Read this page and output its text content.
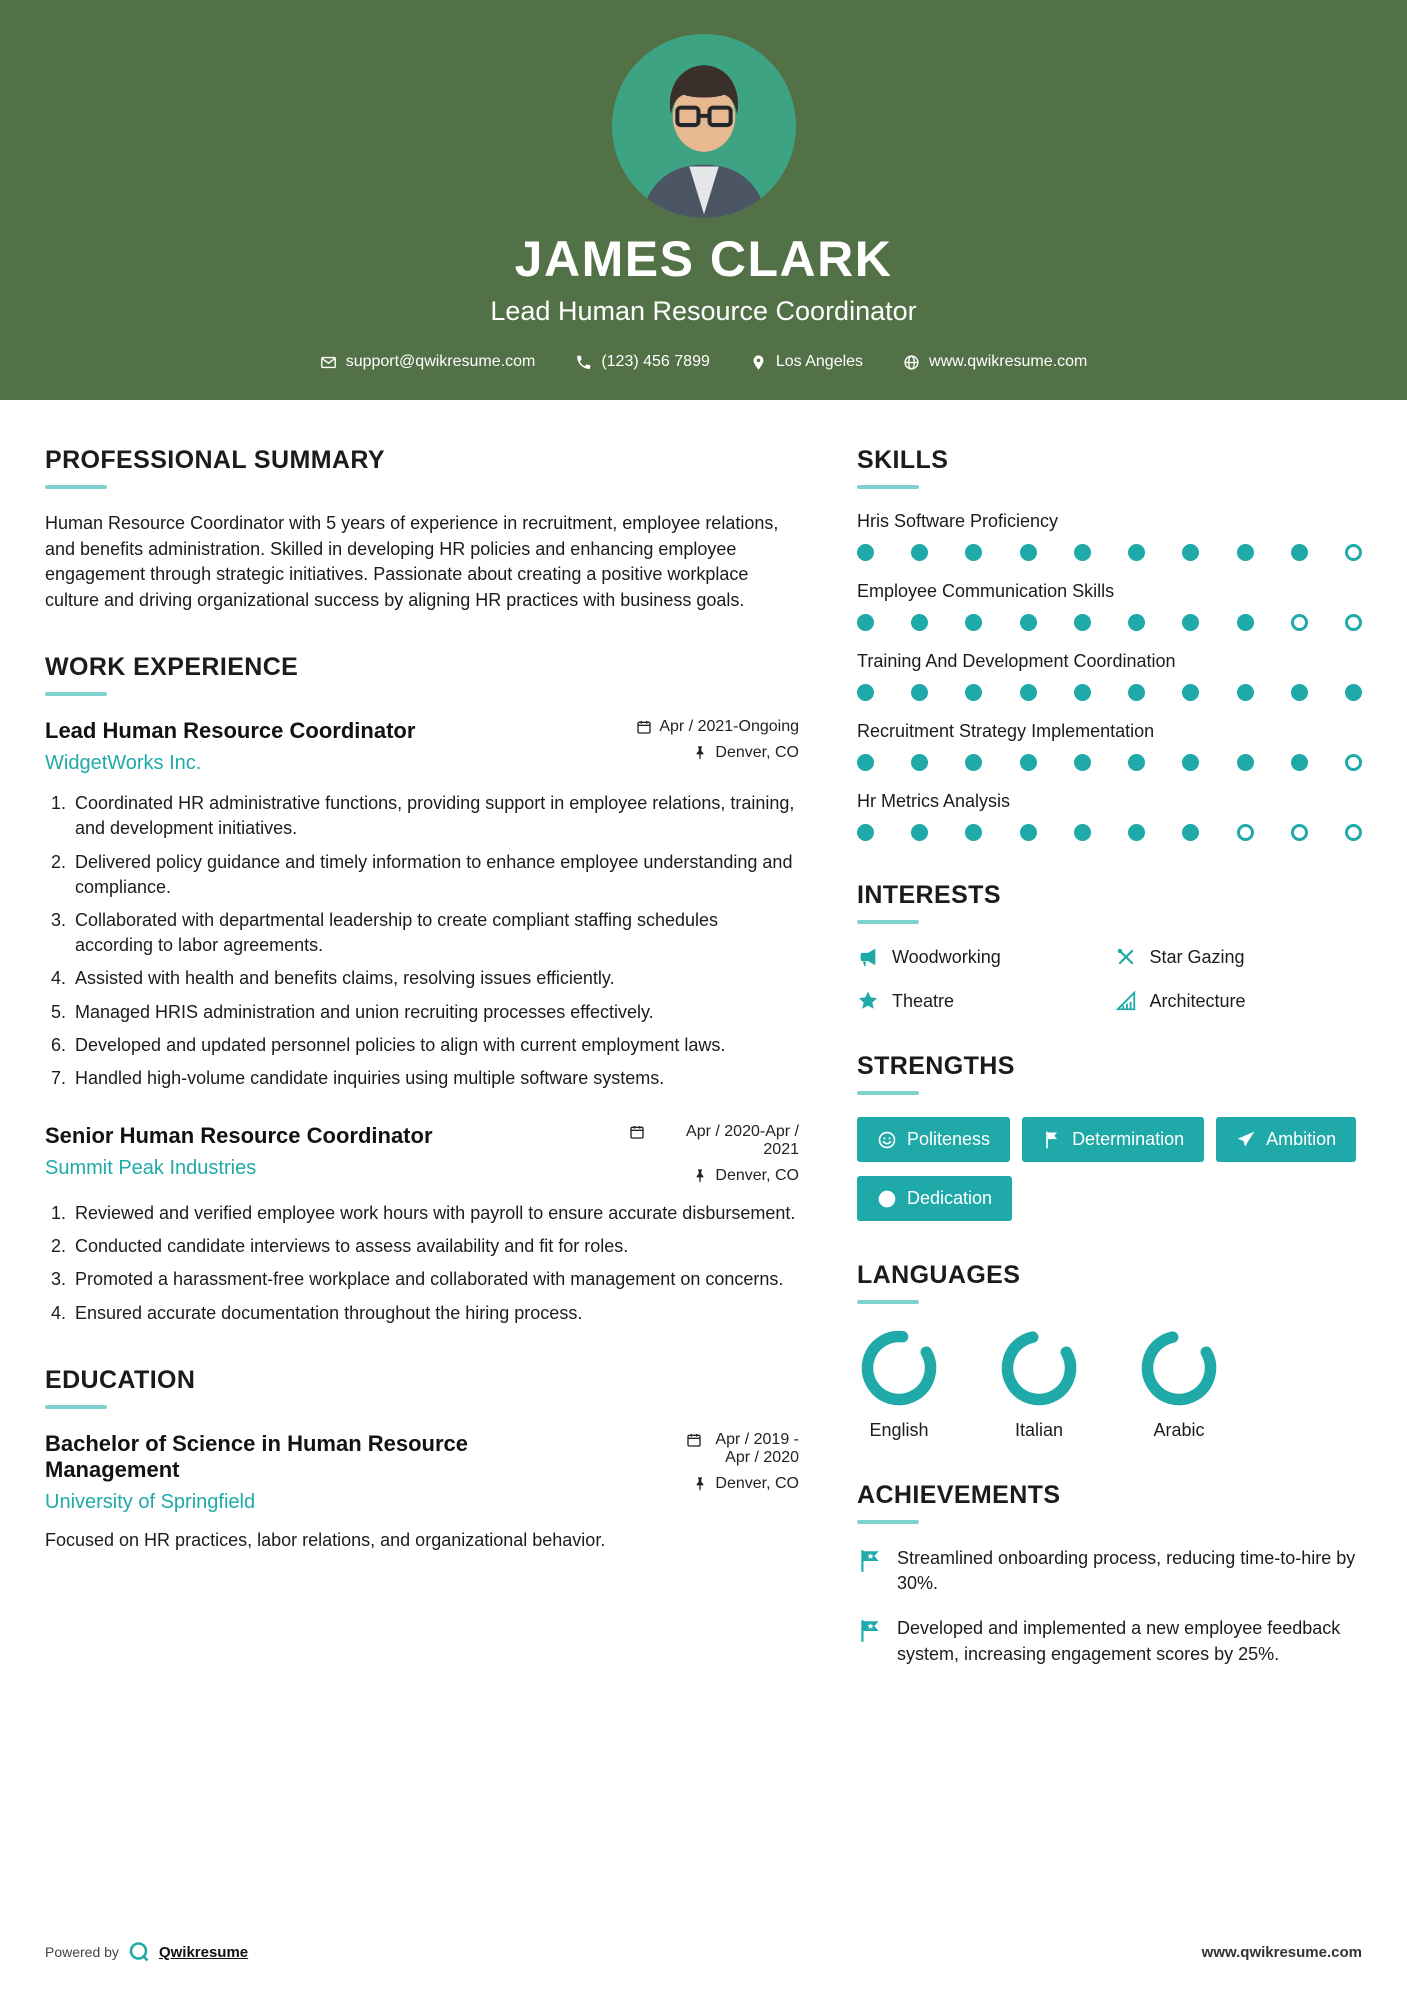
JAMES CLARK
Lead Human Resource Coordinator
support@qwikresume.com	(123) 456 7899	Los Angeles	www.qwikresume.com
PROFESSIONAL SUMMARY

Human Resource Coordinator with 5 years of experience in recruitment, employee relations, and benefits administration. Skilled in developing HR policies and enhancing employee engagement through strategic initiatives. Passionate about creating a positive workplace culture and driving organizational success by aligning HR practices with business goals.

WORK EXPERIENCE
Lead Human Resource Coordinator
WidgetWorks Inc.
Apr / 2021-Ongoing
Denver, CO
1. Coordinated HR administrative functions, providing support in employee relations, training, and development initiatives.
2. Delivered policy guidance and timely information to enhance employee understanding and compliance.
3. Collaborated with departmental leadership to create compliant staffing schedules according to labor agreements.
4. Assisted with health and benefits claims, resolving issues efficiently.
5. Managed HRIS administration and union recruiting processes effectively.
6. Developed and updated personnel policies to align with current employment laws.
7. Handled high-volume candidate inquiries using multiple software systems.
Senior Human Resource Coordinator
Summit Peak Industries
Apr / 2020-Apr / 2021
Denver, CO
1. Reviewed and verified employee work hours with payroll to ensure accurate disbursement.
2. Conducted candidate interviews to assess availability and fit for roles.
3. Promoted a harassment-free workplace and collaborated with management on concerns.
4. Ensured accurate documentation throughout the hiring process.
EDUCATION
Bachelor of Science in Human Resource Management
University of Springfield
Apr / 2019 - Apr / 2020
Denver, CO

Focused on HR practices, labor relations, and organizational behavior.

SKILLS
Hris Software Proficiency
Employee Communication Skills
Training And Development Coordination
Recruitment Strategy Implementation
Hr Metrics Analysis
INTERESTS
Woodworking	Star Gazing
Theatre	Architecture
STRENGTHS
Politeness	Determination	Ambition
Dedication
LANGUAGES
English	Italian	Arabic
ACHIEVEMENTS

Streamlined onboarding process, reducing time-to-hire by 30%.

Developed and implemented a new employee feedback system, increasing engagement scores by 25%.

Powered by	Qwikresume	www.qwikresume.com
